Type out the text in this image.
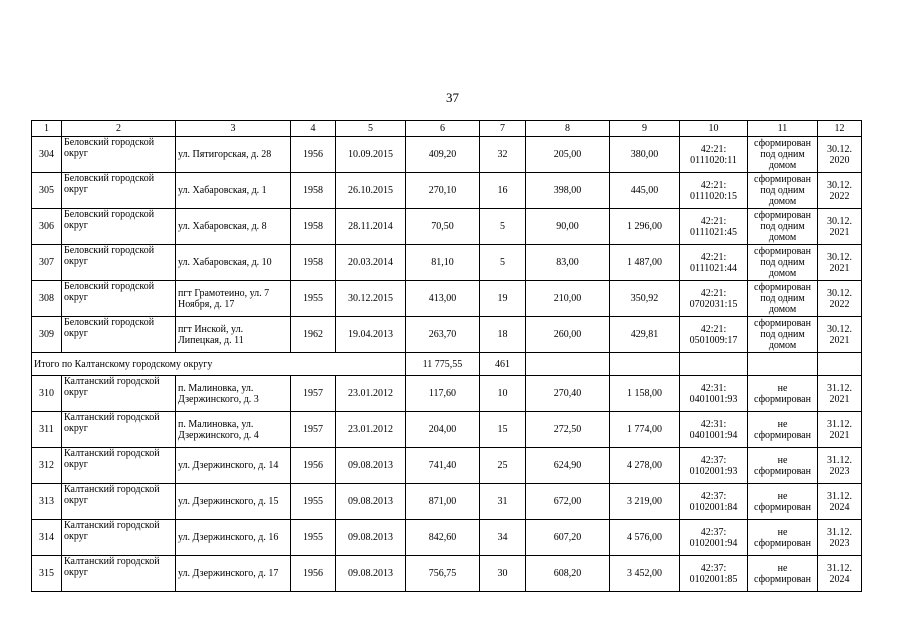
37
1	2	3	4	5	6	7	8	9	10	11	12
304	Беловский городской округ	ул. Пятигорская, д. 28	1956	10.09.2015	409,20	32	205,00	380,00	42:21: 0111020:11	сформирован под одним домом	30.12. 2020
305	Беловский городской округ	ул. Хабаровская, д. 1	1958	26.10.2015	270,10	16	398,00	445,00	42:21: 0111020:15	сформирован под одним домом	30.12. 2022
306	Беловский городской округ	ул. Хабаровская, д. 8	1958	28.11.2014	70,50	5	90,00	1 296,00	42:21: 0111021:45	сформирован под одним домом	30.12. 2021
307	Беловский городской округ	ул. Хабаровская, д. 10	1958	20.03.2014	81,10	5	83,00	1 487,00	42:21: 0111021:44	сформирован под одним домом	30.12. 2021
308	Беловский городской округ	пгт Грамотеино, ул. 7 Ноября, д. 17	1955	30.12.2015	413,00	19	210,00	350,92	42:21: 0702031:15	сформирован под одним домом	30.12. 2022
309	Беловский городской округ	пгт Инской, ул. Липецкая, д. 11	1962	19.04.2013	263,70	18	260,00	429,81	42:21: 0501009:17	сформирован под одним домом	30.12. 2021
Итого по Калтанскому городскому округу					11 775,55	461					
310	Калтанский городской округ	п. Малиновка, ул. Дзержинского, д. 3	1957	23.01.2012	117,60	10	270,40	1 158,00	42:31: 0401001:93	не сформирован	31.12. 2021
311	Калтанский городской округ	п. Малиновка, ул. Дзержинского, д. 4	1957	23.01.2012	204,00	15	272,50	1 774,00	42:31: 0401001:94	не сформирован	31.12. 2021
312	Калтанский городской округ	ул. Дзержинского, д. 14	1956	09.08.2013	741,40	25	624,90	4 278,00	42:37: 0102001:93	не сформирован	31.12. 2023
313	Калтанский городской округ	ул. Дзержинского, д. 15	1955	09.08.2013	871,00	31	672,00	3 219,00	42:37: 0102001:84	не сформирован	31.12. 2024
314	Калтанский городской округ	ул. Дзержинского, д. 16	1955	09.08.2013	842,60	34	607,20	4 576,00	42:37: 0102001:94	не сформирован	31.12. 2023
315	Калтанский городской округ	ул. Дзержинского, д. 17	1956	09.08.2013	756,75	30	608,20	3 452,00	42:37: 0102001:85	не сформирован	31.12. 2024
